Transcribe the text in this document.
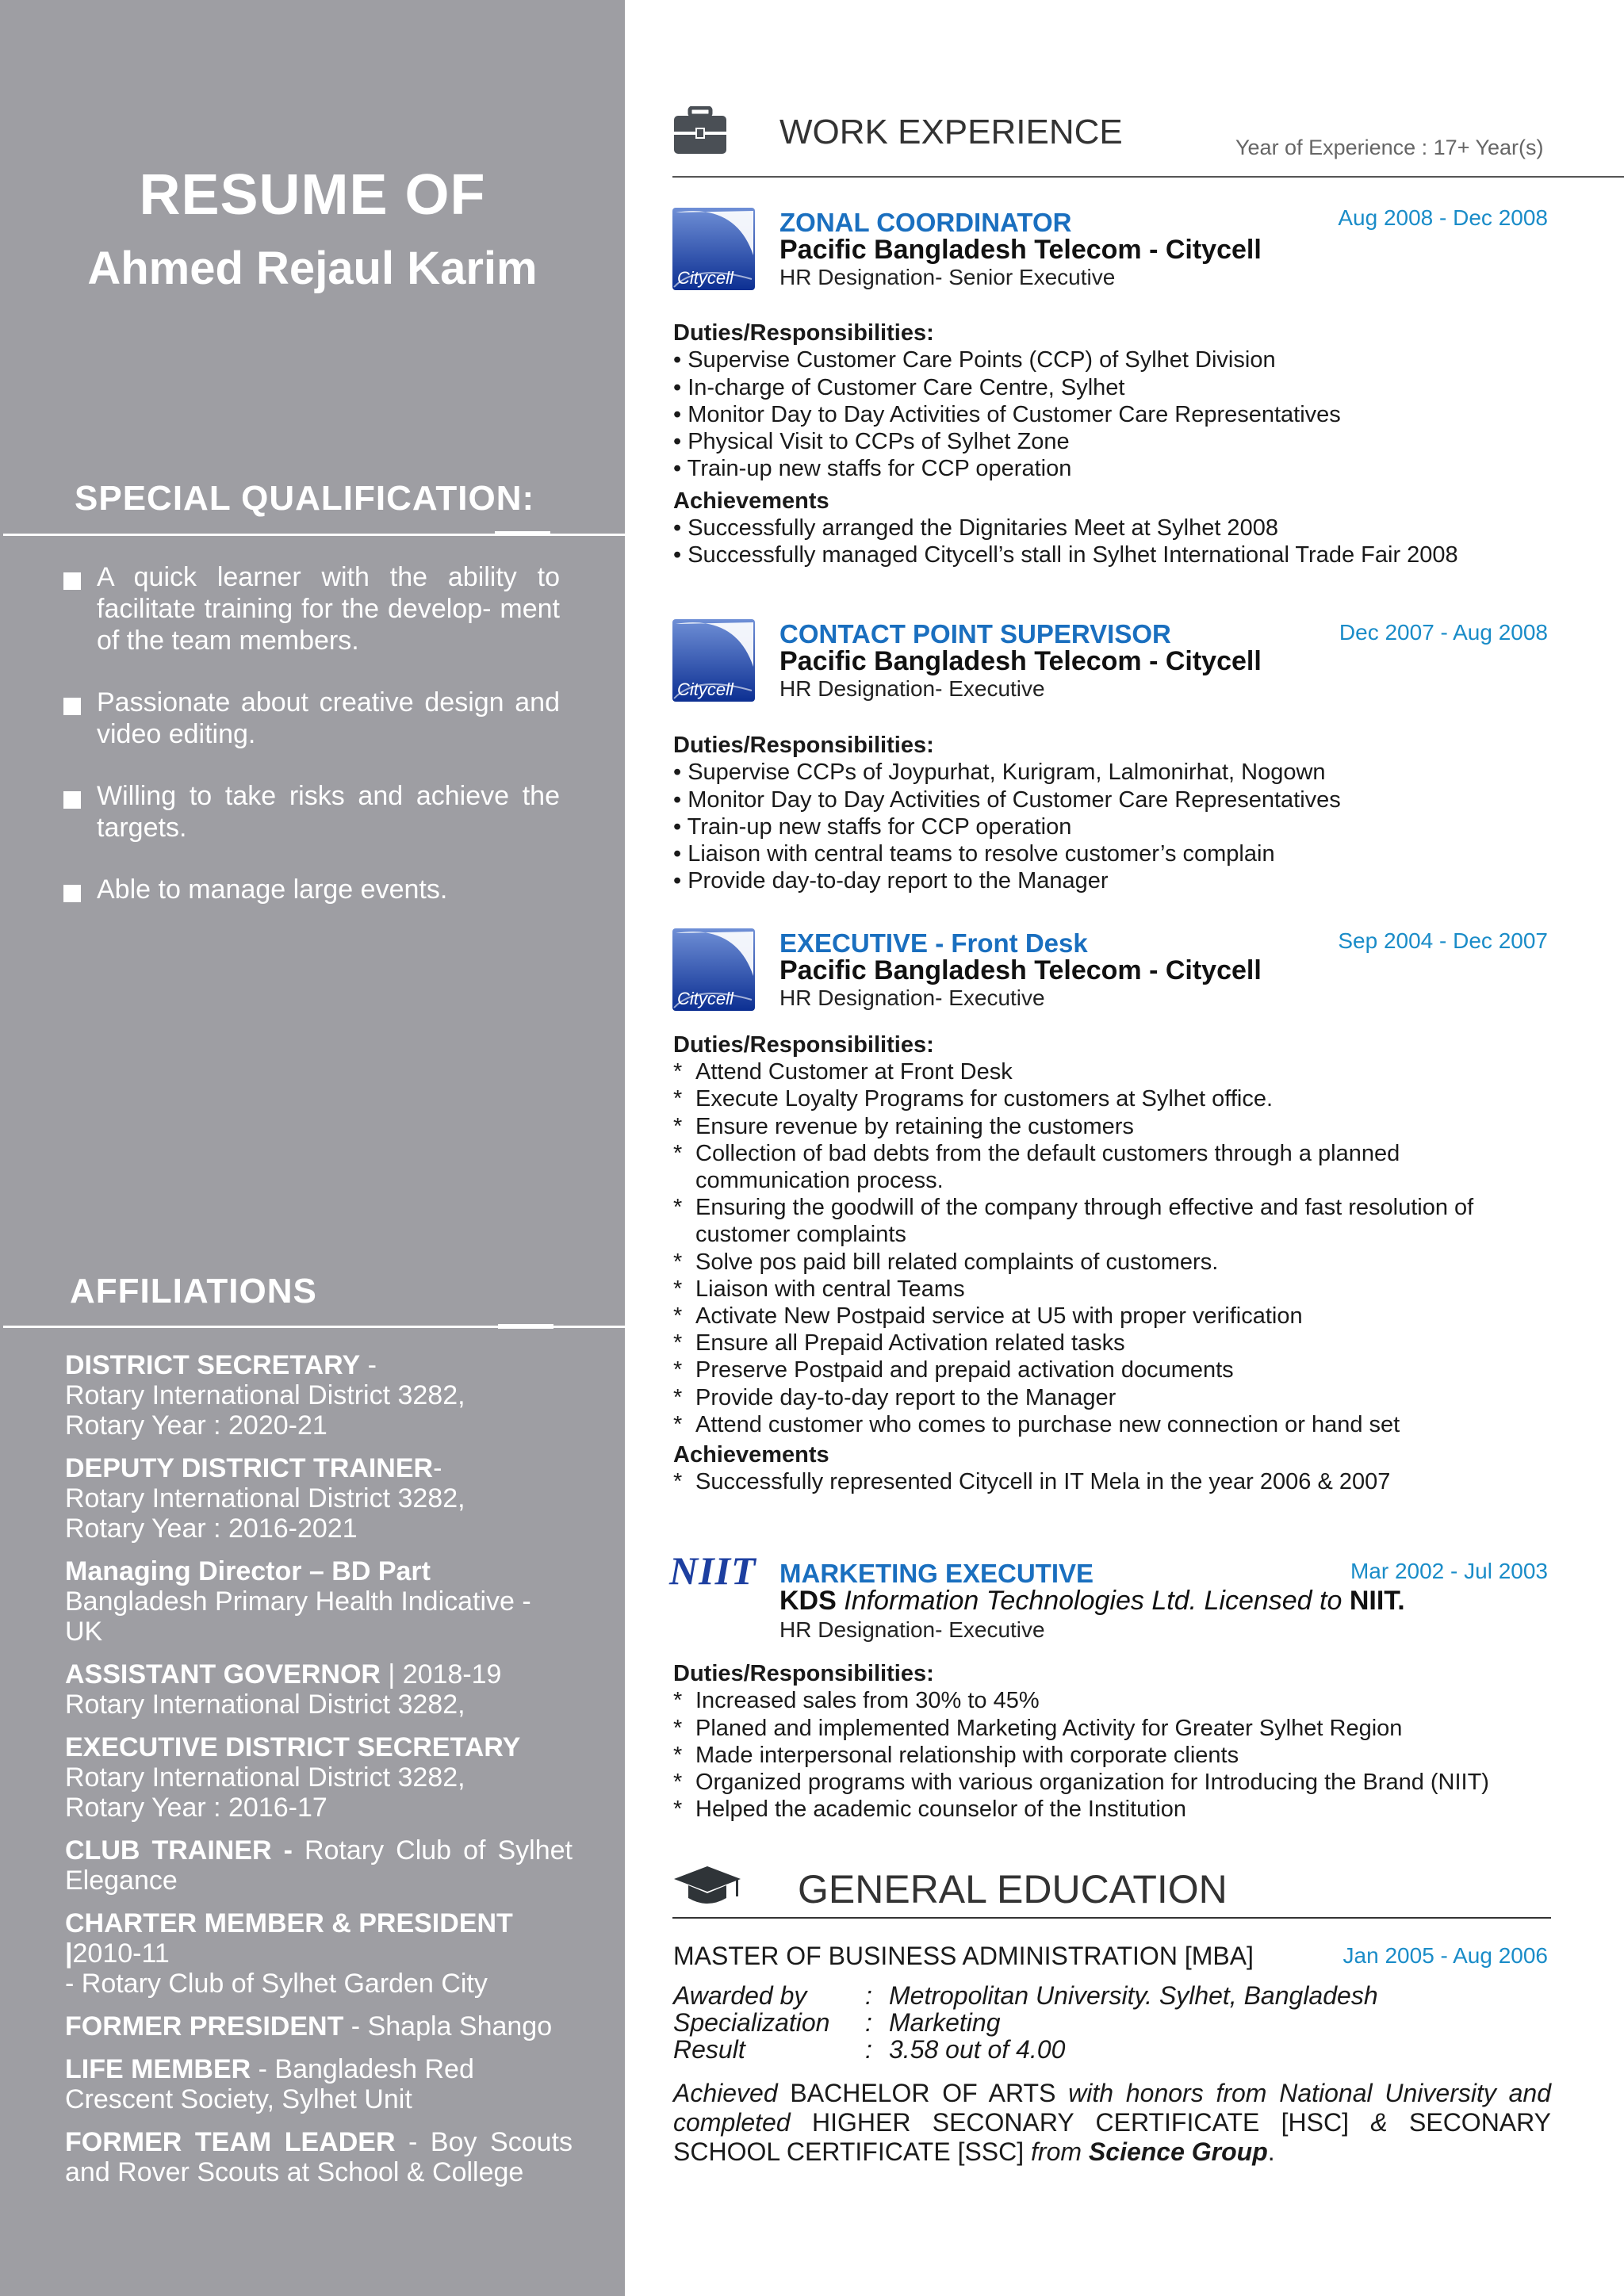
RESUME OF
Ahmed Rejaul Karim
SPECIAL QUALIFICATION:
A quick learner with the ability to facilitate training for the develop- ment of the team members.
Passionate about creative design and video editing.
Willing to take risks and achieve the targets.
Able to manage large events.
AFFILIATIONS
DISTRICT SECRETARY -
Rotary International District 3282,
Rotary Year : 2020-21
DEPUTY DISTRICT TRAINER-
Rotary International District 3282,
Rotary Year : 2016-2021
Managing Director – BD Part
Bangladesh Primary Health Indicative - UK
ASSISTANT GOVERNOR | 2018-19
Rotary International District 3282,
EXECUTIVE DISTRICT SECRETARY
Rotary International District 3282,
Rotary Year : 2016-17
CLUB TRAINER - Rotary Club of Sylhet
Elegance
CHARTER MEMBER & PRESIDENT |2010-11
- Rotary Club of Sylhet Garden City
FORMER PRESIDENT - Shapla Shango
LIFE MEMBER - Bangladesh Red
Crescent Society, Sylhet Unit
FORMER TEAM LEADER - Boy Scouts
and Rover Scouts at School & College
WORK EXPERIENCE	Year of Experience : 17+ Year(s)
Citycell
Citycell
Citycell
NIIT
ZONAL COORDINATOR
Pacific Bangladesh Telecom - Citycell
HR Designation- Senior Executive
Aug 2008 - Dec 2008
Duties/Responsibilities:
• Supervise Customer Care Points (CCP) of Sylhet Division
• In-charge of Customer Care Centre, Sylhet
• Monitor Day to Day Activities of Customer Care Representatives
• Physical Visit to CCPs of Sylhet Zone
• Train-up new staffs for CCP operation
Achievements
• Successfully arranged the Dignitaries Meet at Sylhet 2008
• Successfully managed Citycell’s stall in Sylhet International Trade Fair 2008
CONTACT POINT SUPERVISOR
Pacific Bangladesh Telecom - Citycell
HR Designation- Executive
Dec 2007 - Aug 2008
Duties/Responsibilities:
• Supervise CCPs of Joypurhat, Kurigram, Lalmonirhat, Nogown
• Monitor Day to Day Activities of Customer Care Representatives
• Train-up new staffs for CCP operation
• Liaison with central teams to resolve customer’s complain
• Provide day-to-day report to the Manager
EXECUTIVE - Front Desk
Pacific Bangladesh Telecom - Citycell
HR Designation- Executive
Sep 2004 - Dec 2007
Duties/Responsibilities:
* Attend Customer at Front Desk
* Execute Loyalty Programs for customers at Sylhet office.
* Ensure revenue by retaining the customers
* Collection of bad debts from the default customers through a planned communication process.
* Ensuring the goodwill of the company through effective and fast resolution of customer complaints
* Solve pos paid bill related complaints of customers.
* Liaison with central Teams
* Activate New Postpaid service at U5 with proper verification
* Ensure all Prepaid Activation related tasks
* Preserve Postpaid and prepaid activation documents
* Provide day-to-day report to the Manager
* Attend customer who comes to purchase new connection or hand set
Achievements
* Successfully represented Citycell in IT Mela in the year 2006 & 2007
MARKETING EXECUTIVE
KDS Information Technologies Ltd. Licensed to NIIT.
HR Designation- Executive
Mar 2002 - Jul 2003
Duties/Responsibilities:
* Increased sales from 30% to 45%
* Planed and implemented Marketing Activity for Greater Sylhet Region
* Made interpersonal relationship with corporate clients
* Organized programs with various organization for Introducing the Brand (NIIT)
* Helped the academic counselor of the Institution
GENERAL EDUCATION
MASTER OF BUSINESS ADMINISTRATION [MBA]	Jan 2005 - Aug 2006
Awarded by : Metropolitan University. Sylhet, Bangladesh
Specialization : Marketing
Result	: 3.58 out of 4.00
Achieved BACHELOR OF ARTS with honors from National University and completed HIGHER SECONARY CERTIFICATE [HSC] & SECONARY SCHOOL CERTIFICATE [SSC] from Science Group.
